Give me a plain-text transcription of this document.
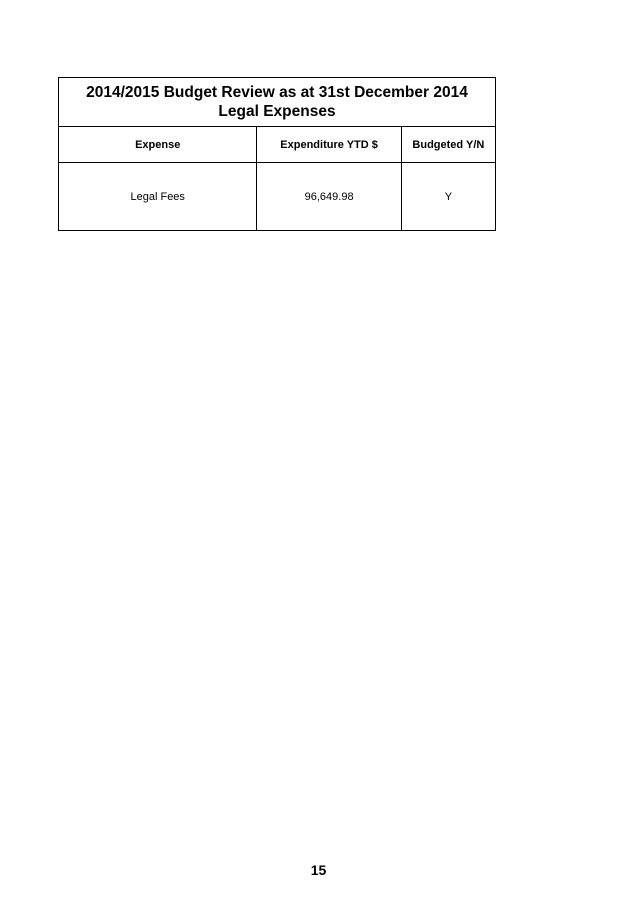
2014/2015 Budget Review as at 31st December 2014
Legal Expenses		

Expense	Expenditure YTD $	Budgeted Y/N
Legal Fees	96,649.98	Y
15
